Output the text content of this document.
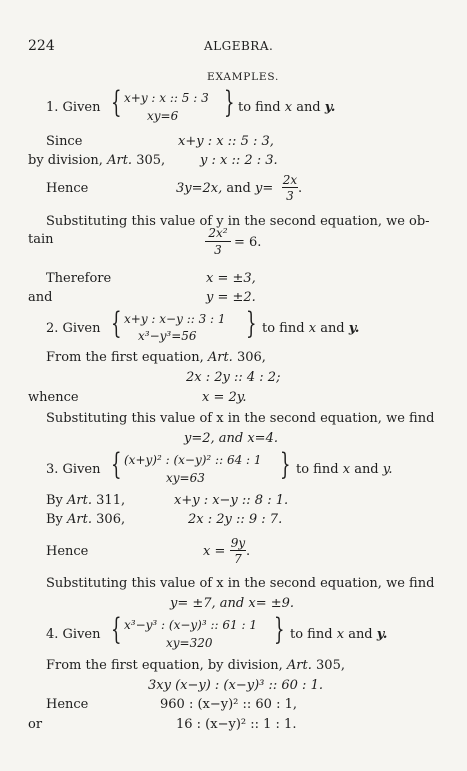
224	ALGEBRA.
EXAMPLES.
1. Given { x+y : x :: 5 : 3
xy=6 } to find x and y.
Since	x+y : x :: 5 : 3,
by division, Art. 305,	y : x :: 2 : 3.
Hence	3y=2x, and y=
2x
3 .
Substituting this value of y in the second equation, we ob-
tain	2x²
3 = 6.
Therefore	x = ±3,
and	y = ±2.
2. Given { x+y : x−y :: 3 : 1
x³−y³=56 } to find x and y.
From the first equation, Art. 306,
2x : 2y :: 4 : 2;
whence	x = 2y.
Substituting this value of x in the second equation, we find
y=2, and x=4.
3. Given { (x+y)² : (x−y)² :: 64 : 1
xy=63	} to find x and y.
By Art. 311,	x+y : x−y :: 8 : 1.
By Art. 306,	2x : 2y :: 9 : 7.
Hence	x =
9y
7 .
Substituting this value of x in the second equation, we find
y= ±7, and x= ±9.
4. Given { x³−y³ : (x−y)³ :: 61 : 1
xy=320 } to find x and y.
From the first equation, by division, Art. 305,
3xy (x−y) : (x−y)³ :: 60 : 1.
Hence	960 : (x−y)² :: 60 : 1,
or	16 : (x−y)² :: 1 : 1.
